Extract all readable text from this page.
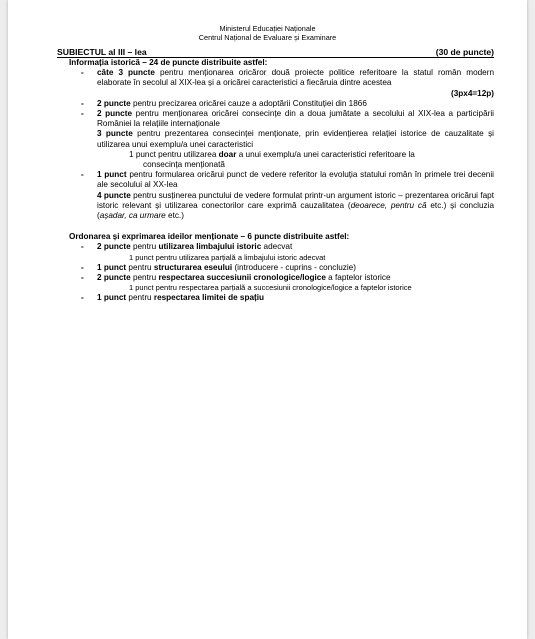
Ministerul Educației Naționale
Centrul Național de Evaluare și Examinare
SUBIECTUL al III – lea	(30 de puncte)
Informația istorică – 24 de puncte distribuite astfel:
- câte 3 puncte pentru menționarea oricăror două proiecte politice referitoare la statul român modern elaborate în secolul al XIX-lea și a oricărei caracteristici a fiecăruia dintre acestea
(3px4=12p)
- 2 puncte pentru precizarea oricărei cauze a adoptării Constituției din 1866
- 2 puncte pentru menționarea oricărei consecințe din a doua jumătate a secolului al XIX-lea a participării României la relațiile internaționale
3 puncte pentru prezentarea consecinței menționate, prin evidențierea relației istorice de cauzalitate și utilizarea unui exemplu/a unei caracteristici
1 punct pentru utilizarea doar a unui exemplu/a unei caracteristici referitoare la
consecința menționată
- 1 punct pentru formularea oricărui punct de vedere referitor la evoluția statului român în primele trei decenii ale secolului al XX-lea
4 puncte pentru susținerea punctului de vedere formulat printr-un argument istoric – prezentarea oricărui fapt istoric relevant și utilizarea conectorilor care exprimă cauzalitatea (deoarece, pentru că etc.) și concluzia (așadar, ca urmare etc.)
Ordonarea și exprimarea ideilor menționate – 6 puncte distribuite astfel:
- 2 puncte pentru utilizarea limbajului istoric adecvat
1 punct pentru utilizarea parțială a limbajului istoric adecvat
- 1 punct pentru structurarea eseului (introducere - cuprins - concluzie)
- 2 puncte pentru respectarea succesiunii cronologice/logice a faptelor istorice
1 punct pentru respectarea parțială a succesiunii cronologice/logice a faptelor istorice
- 1 punct pentru respectarea limitei de spațiu
